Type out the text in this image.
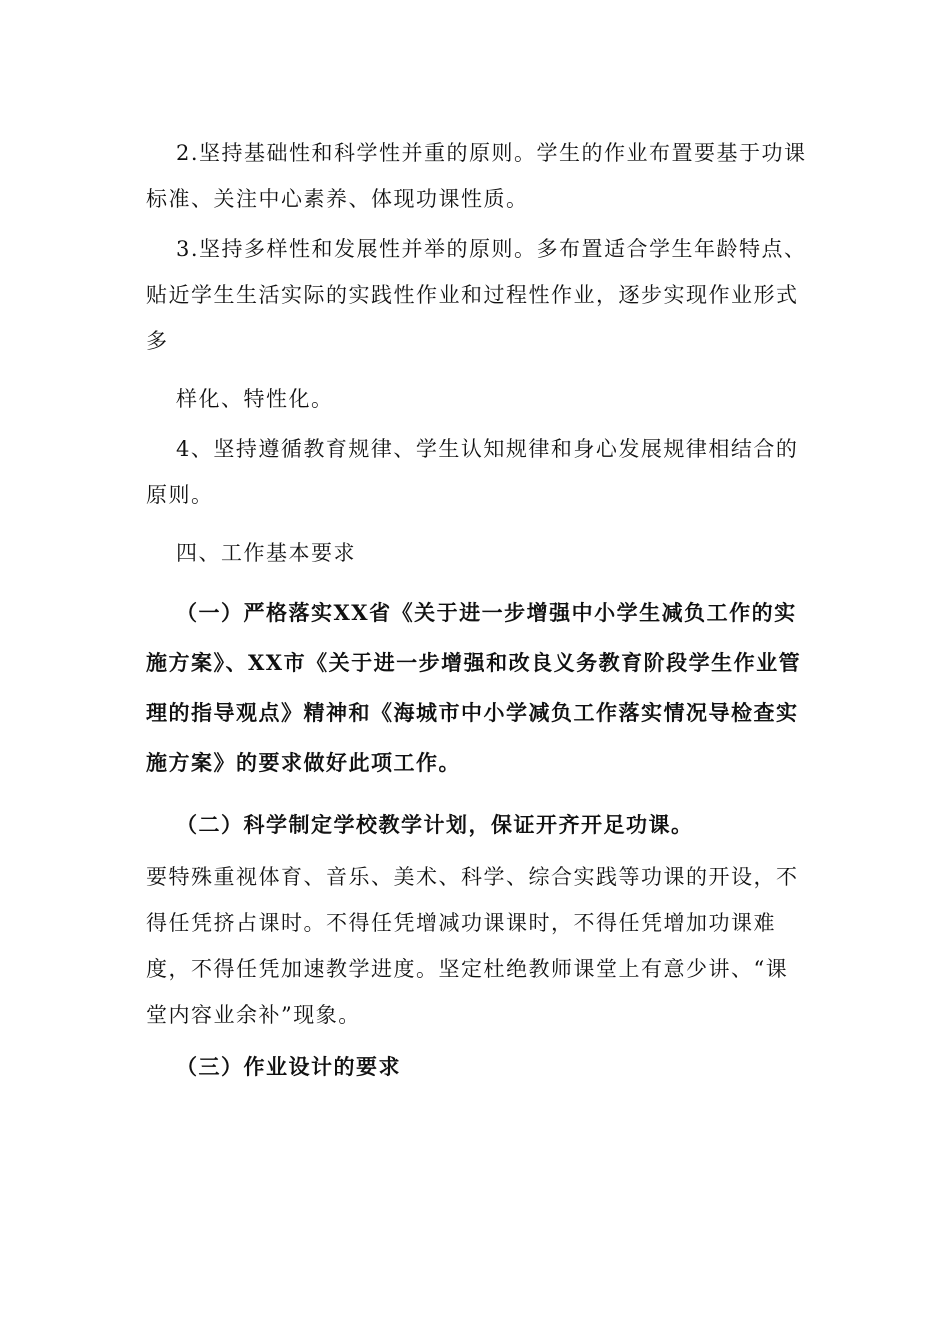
2.坚持基础性和科学性并重的原则。学生的作业布置要基于功课标准、关注中心素养、体现功课性质。

3.坚持多样性和发展性并举的原则。多布置适合学生年龄特点、贴近学生生活实际的实践性作业和过程性作业，逐步实现作业形式多

样化、特性化。

4、坚持遵循教育规律、学生认知规律和身心发展规律相结合的原则。

四、工作基本要求

（一）严格落实XX省《关于进一步增强中小学生减负工作的实施方案》、XX市《关于进一步增强和改良义务教育阶段学生作业管理的指导观点》精神和《海城市中小学减负工作落实情况导检查实施方案》的要求做好此项工作。

（二）科学制定学校教学计划，保证开齐开足功课。

要特殊重视体育、音乐、美术、科学、综合实践等功课的开设，不得任凭挤占课时。不得任凭增减功课课时，不得任凭增加功课难度，不得任凭加速教学进度。坚定杜绝教师课堂上有意少讲、“课堂内容业余补”现象。

（三）作业设计的要求
